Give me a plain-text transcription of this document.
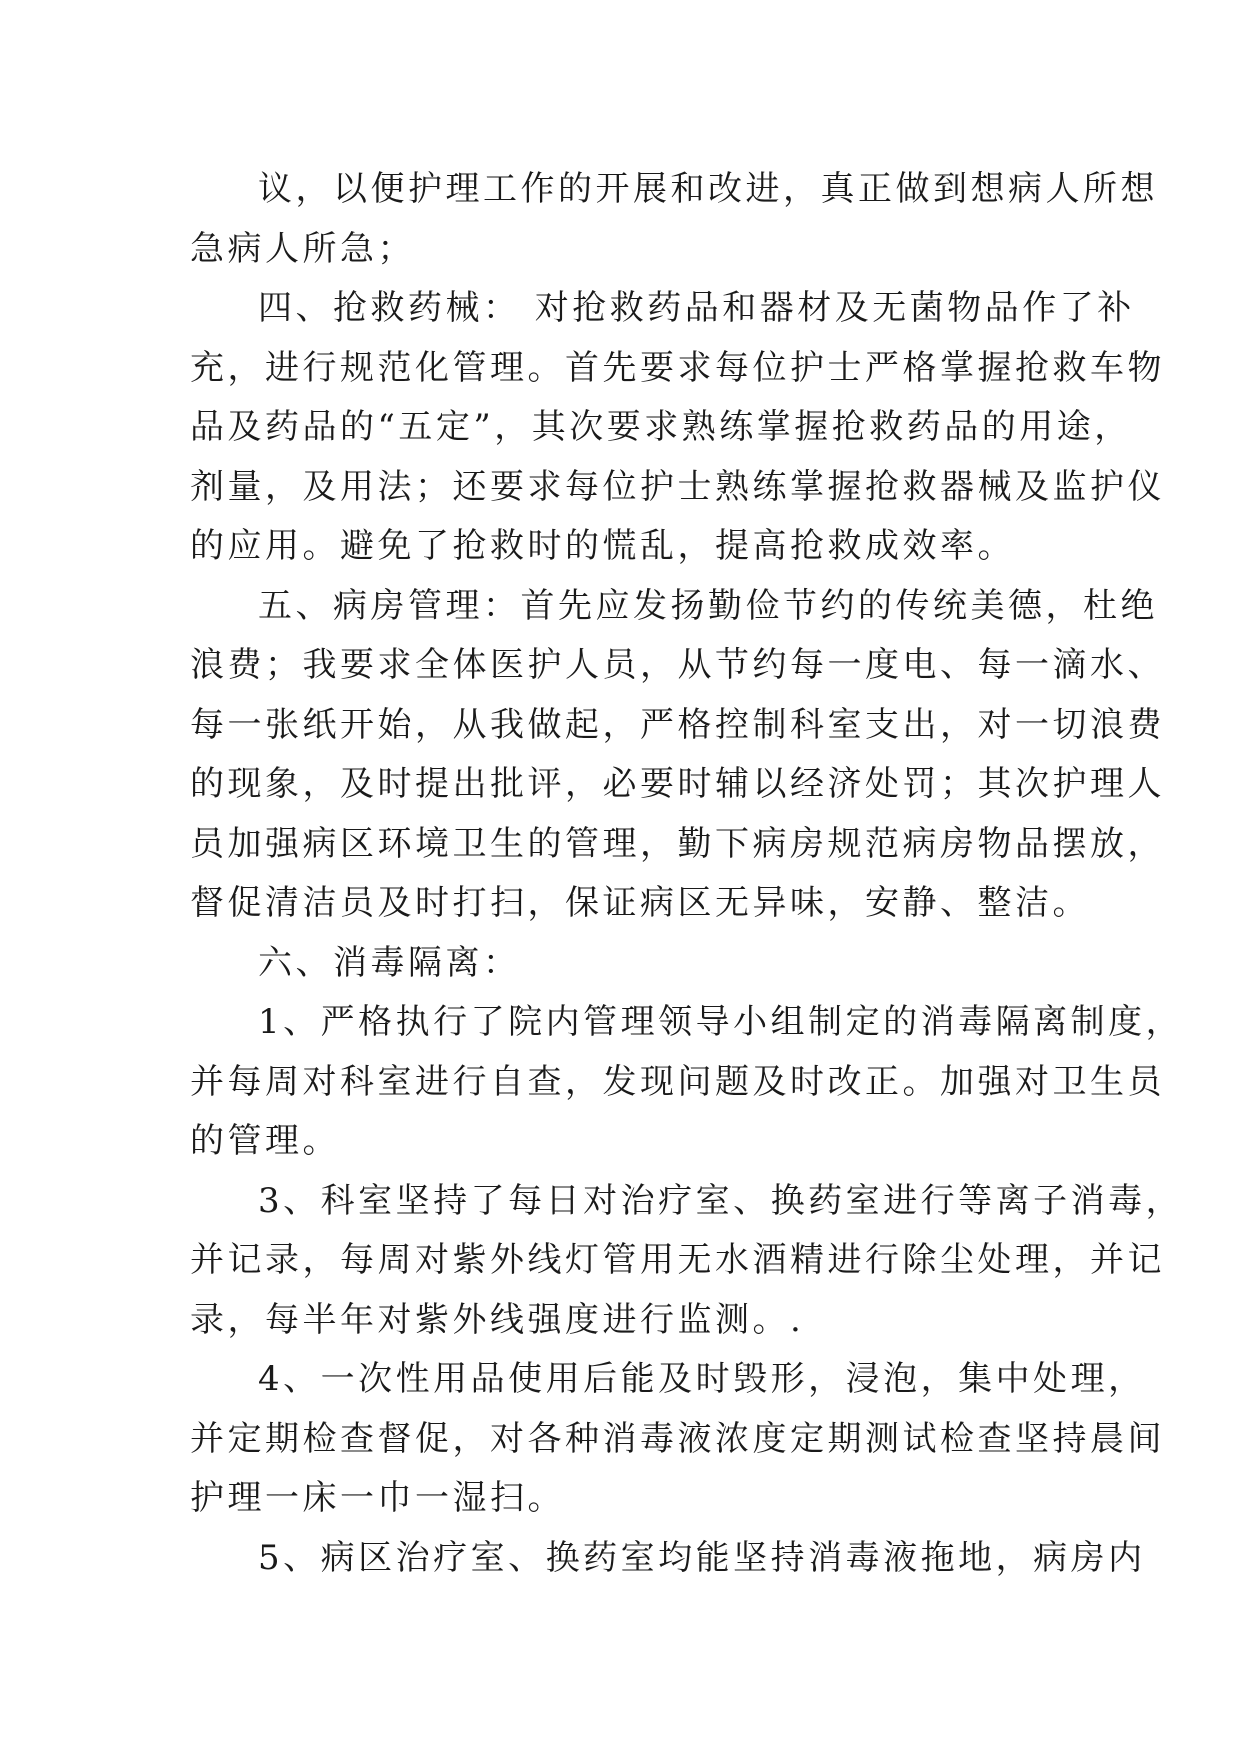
议，以便护理工作的开展和改进，真正做到想病人所想
急病人所急；
四、抢救药械： 对抢救药品和器材及无菌物品作了补
充，进行规范化管理。首先要求每位护士严格掌握抢救车物
品及药品的“五定”，其次要求熟练掌握抢救药品的用途，
剂量，及用法；还要求每位护士熟练掌握抢救器械及监护仪
的应用。避免了抢救时的慌乱，提高抢救成效率。
五、病房管理：首先应发扬勤俭节约的传统美德，杜绝
浪费；我要求全体医护人员，从节约每一度电、每一滴水、
每一张纸开始，从我做起，严格控制科室支出，对一切浪费
的现象，及时提出批评，必要时辅以经济处罚；其次护理人
员加强病区环境卫生的管理，勤下病房规范病房物品摆放，
督促清洁员及时打扫，保证病区无异味，安静、整洁。
六、消毒隔离：
1、严格执行了院内管理领导小组制定的消毒隔离制度，
并每周对科室进行自查，发现问题及时改正。加强对卫生员
的管理。
3、科室坚持了每日对治疗室、换药室进行等离子消毒，
并记录，每周对紫外线灯管用无水酒精进行除尘处理，并记
录，每半年对紫外线强度进行监测。.
4、一次性用品使用后能及时毁形，浸泡，集中处理，
并定期检查督促，对各种消毒液浓度定期测试检查坚持晨间
护理一床一巾一湿扫。
5、病区治疗室、换药室均能坚持消毒液拖地，病房内
